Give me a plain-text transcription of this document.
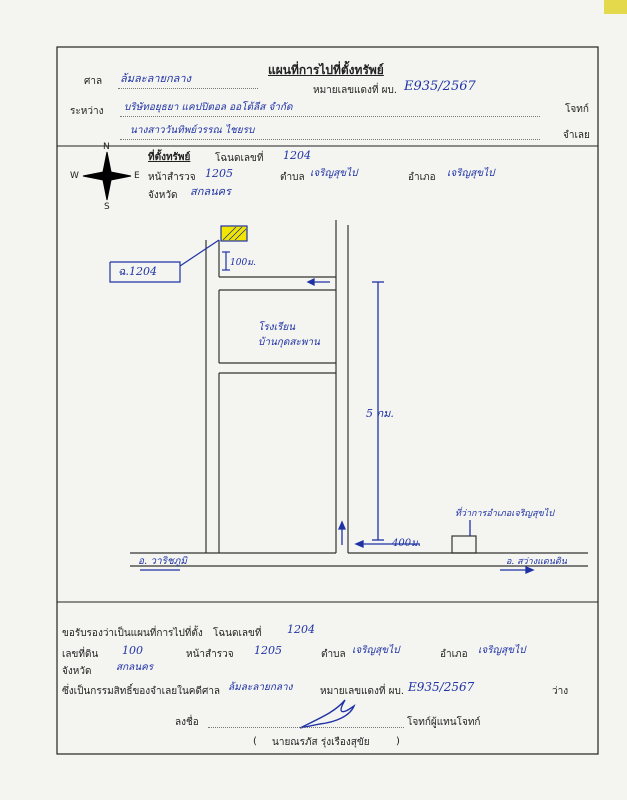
แผนที่การไปที่ตั้งทรัพย์
ศาล ล้มละลายกลาง
หมายเลขแดงที่ ผบ. E935/2567
ระหว่าง บริษัทอยุธยา แคปปิตอล ออโต้ลีส จำกัด	โจทก์
นางสาววันทิพย์วรรณ ไชยรบ	จำเลย
ที่ตั้งทรัพย์ โฉนดเลขที่ 1204
หน้าสำรวจ 1205	ตำบล เจริญสุขไป	อำเภอ เจริญสุขไป
จังหวัด สกลนคร
N
S
W	E
ฉ.1204
100ม.
โรงเรียน
บ้านกุดสะพาน
5 กม.
400ม.
ที่ว่าการอำเภอเจริญสุขไป
อ. วาริชภูมิ	อ. สว่างแดนดิน
ขอรับรองว่าเป็นแผนที่การไปที่ตั้ง โฉนดเลขที่ 1204
เลขที่ดิน 100	หน้าสำรวจ 1205	ตำบล เจริญสุขไป	อำเภอ เจริญสุขไป
จังหวัด สกลนคร
ซึ่งเป็นกรรมสิทธิ์ของจำเลยในคดีศาล ล้มละลายกลาง	หมายเลขแดงที่ ผบ. E935/2567	ว่าง
ลงชื่อ	โจทก์ผู้แทนโจทก์
( นายณรภัส รุ่งเรืองสุขัย	)
